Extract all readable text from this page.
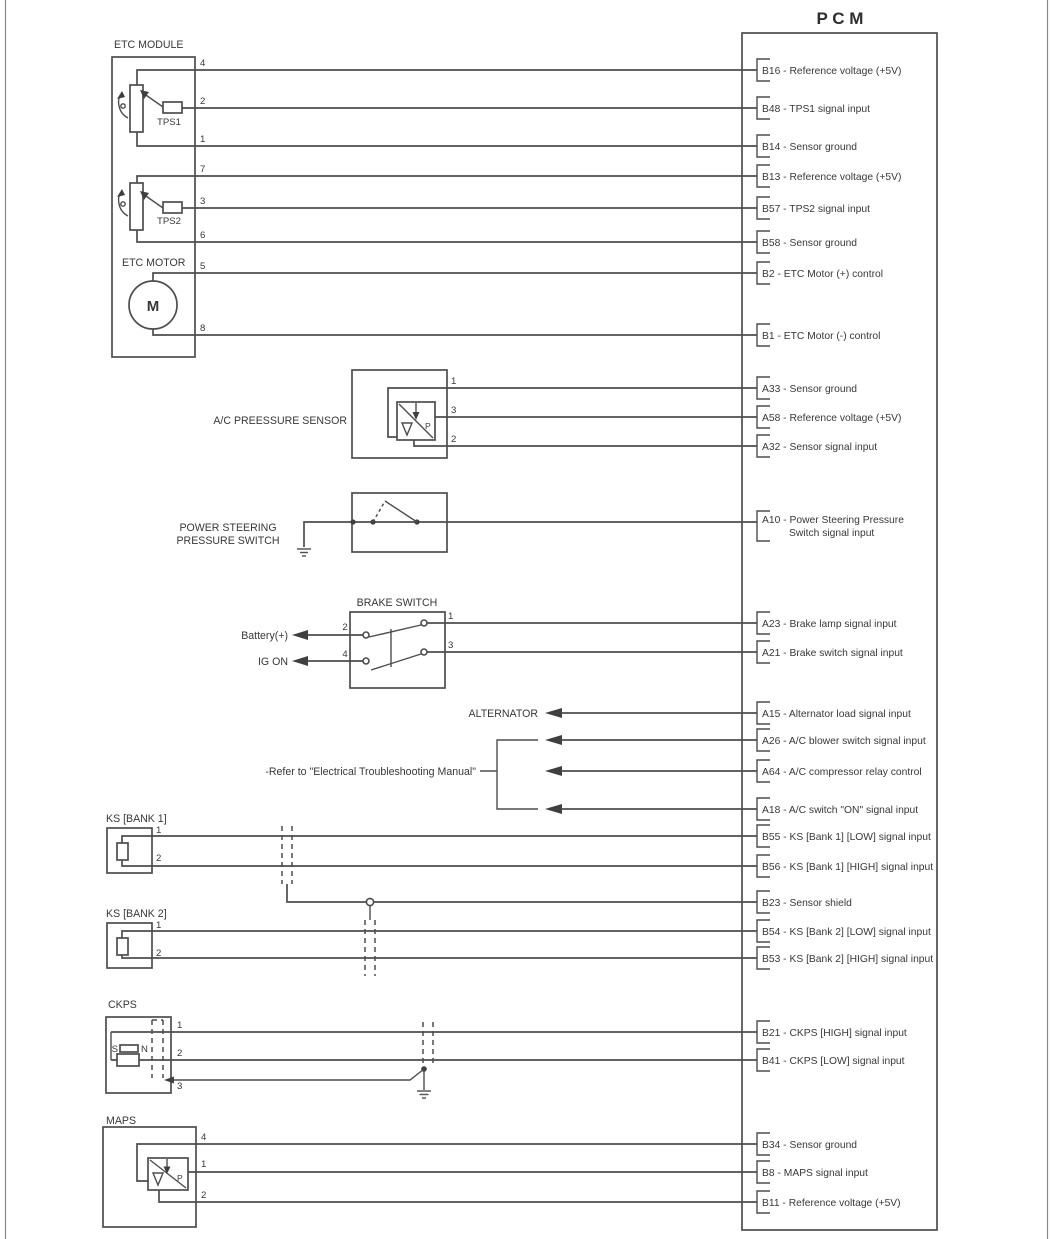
P C M
B16 - Reference voltage (+5V)
B48 - TPS1 signal input
B14 - Sensor ground
B13 - Reference voltage (+5V)
B57 - TPS2 signal input
B58 - Sensor ground
B2 - ETC Motor (+) control
B1 - ETC Motor (-) control
A33 - Sensor ground
A58 - Reference voltage (+5V)
A32 - Sensor signal input
A10 - Power Steering Pressure
Switch signal input
A23 - Brake lamp signal input
A21 - Brake switch signal input
A15 - Alternator load signal input
A26 - A/C blower switch signal input
A64 - A/C compressor relay control
A18 - A/C switch "ON" signal input
B55 - KS [Bank 1] [LOW] signal input
B56 - KS [Bank 1] [HIGH] signal input
B23 - Sensor shield
B54 - KS [Bank 2] [LOW] signal input
B53 - KS [Bank 2] [HIGH] signal input
B21 - CKPS [HIGH] signal input
B41 - CKPS [LOW] signal input
B34 - Sensor ground
B8 - MAPS signal input
B11 - Reference voltage (+5V)
ETC MODULE
TPS1
TPS2
ETC MOTOR
M
4
2
1
7
3
6
5
8
A/C PREESSURE SENSOR	P
1
3
2
POWER STEERING
PRESSURE SWITCH
BRAKE SWITCH
2
4
1
3
Battery(+)
IG ON
ALTERNATOR
-Refer to "Electrical Troubleshooting Manual"
KS [BANK 1]
1
2
KS [BANK 2]
1
2
CKPS
S N
1
2
3
MAPS
P
4
1
2
